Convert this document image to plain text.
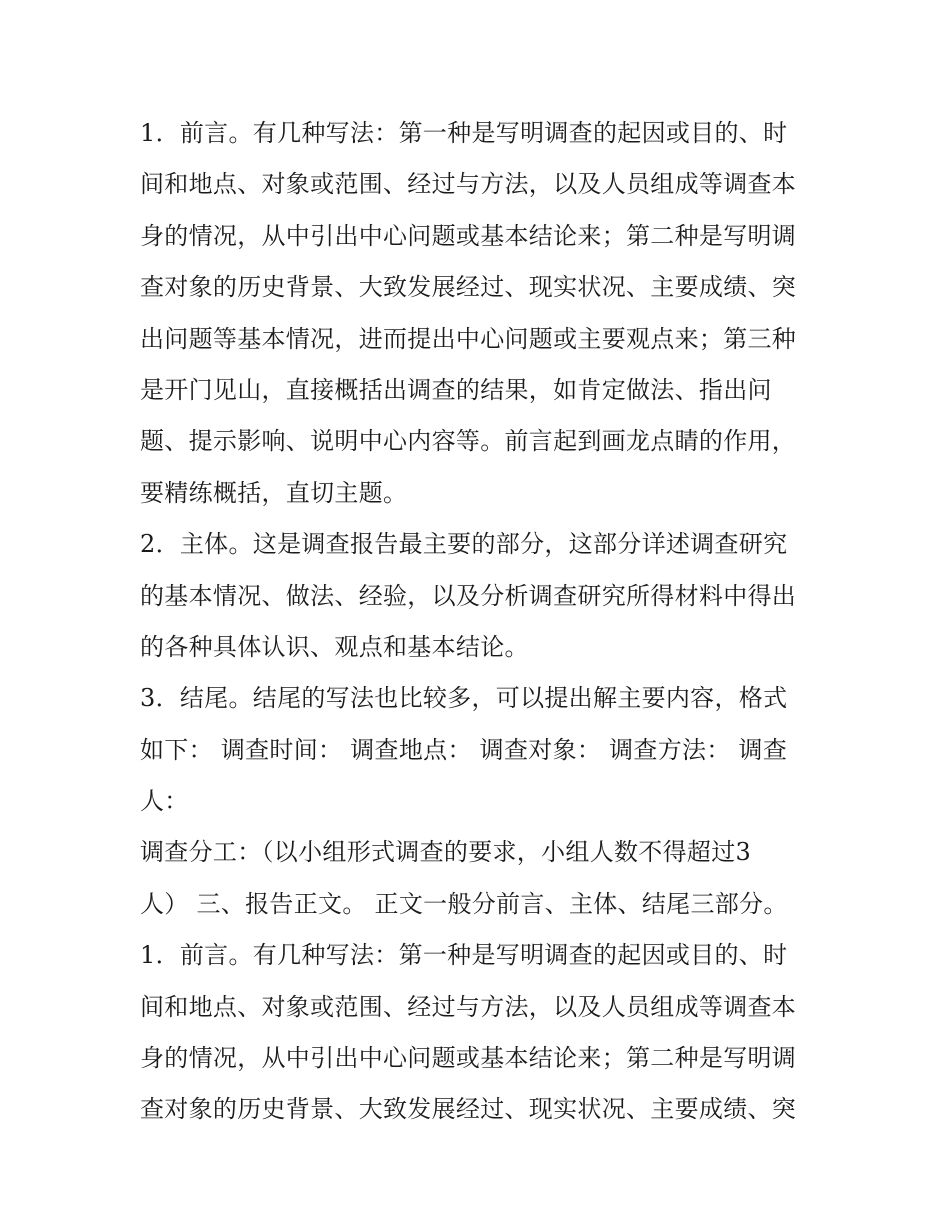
1．前言。有几种写法：第一种是写明调查的起因或目的、时
间和地点、对象或范围、经过与方法，以及人员组成等调查本
身的情况，从中引出中心问题或基本结论来；第二种是写明调
查对象的历史背景、大致发展经过、现实状况、主要成绩、突
出问题等基本情况，进而提出中心问题或主要观点来；第三种
是开门见山，直接概括出调查的结果，如肯定做法、指出问
题、提示影响、说明中心内容等。前言起到画龙点睛的作用，
要精练概括，直切主题。
2．主体。这是调查报告最主要的部分，这部分详述调查研究
的基本情况、做法、经验，以及分析调查研究所得材料中得出
的各种具体认识、观点和基本结论。
3．结尾。结尾的写法也比较多，可以提出解主要内容，格式
如下： 调查时间： 调查地点： 调查对象： 调查方法： 调查
人：
调查分工：（以小组形式调查的要求，小组人数不得超过3
人） 三、报告正文。 正文一般分前言、主体、结尾三部分。
1．前言。有几种写法：第一种是写明调查的起因或目的、时
间和地点、对象或范围、经过与方法，以及人员组成等调查本
身的情况，从中引出中心问题或基本结论来；第二种是写明调
查对象的历史背景、大致发展经过、现实状况、主要成绩、突
